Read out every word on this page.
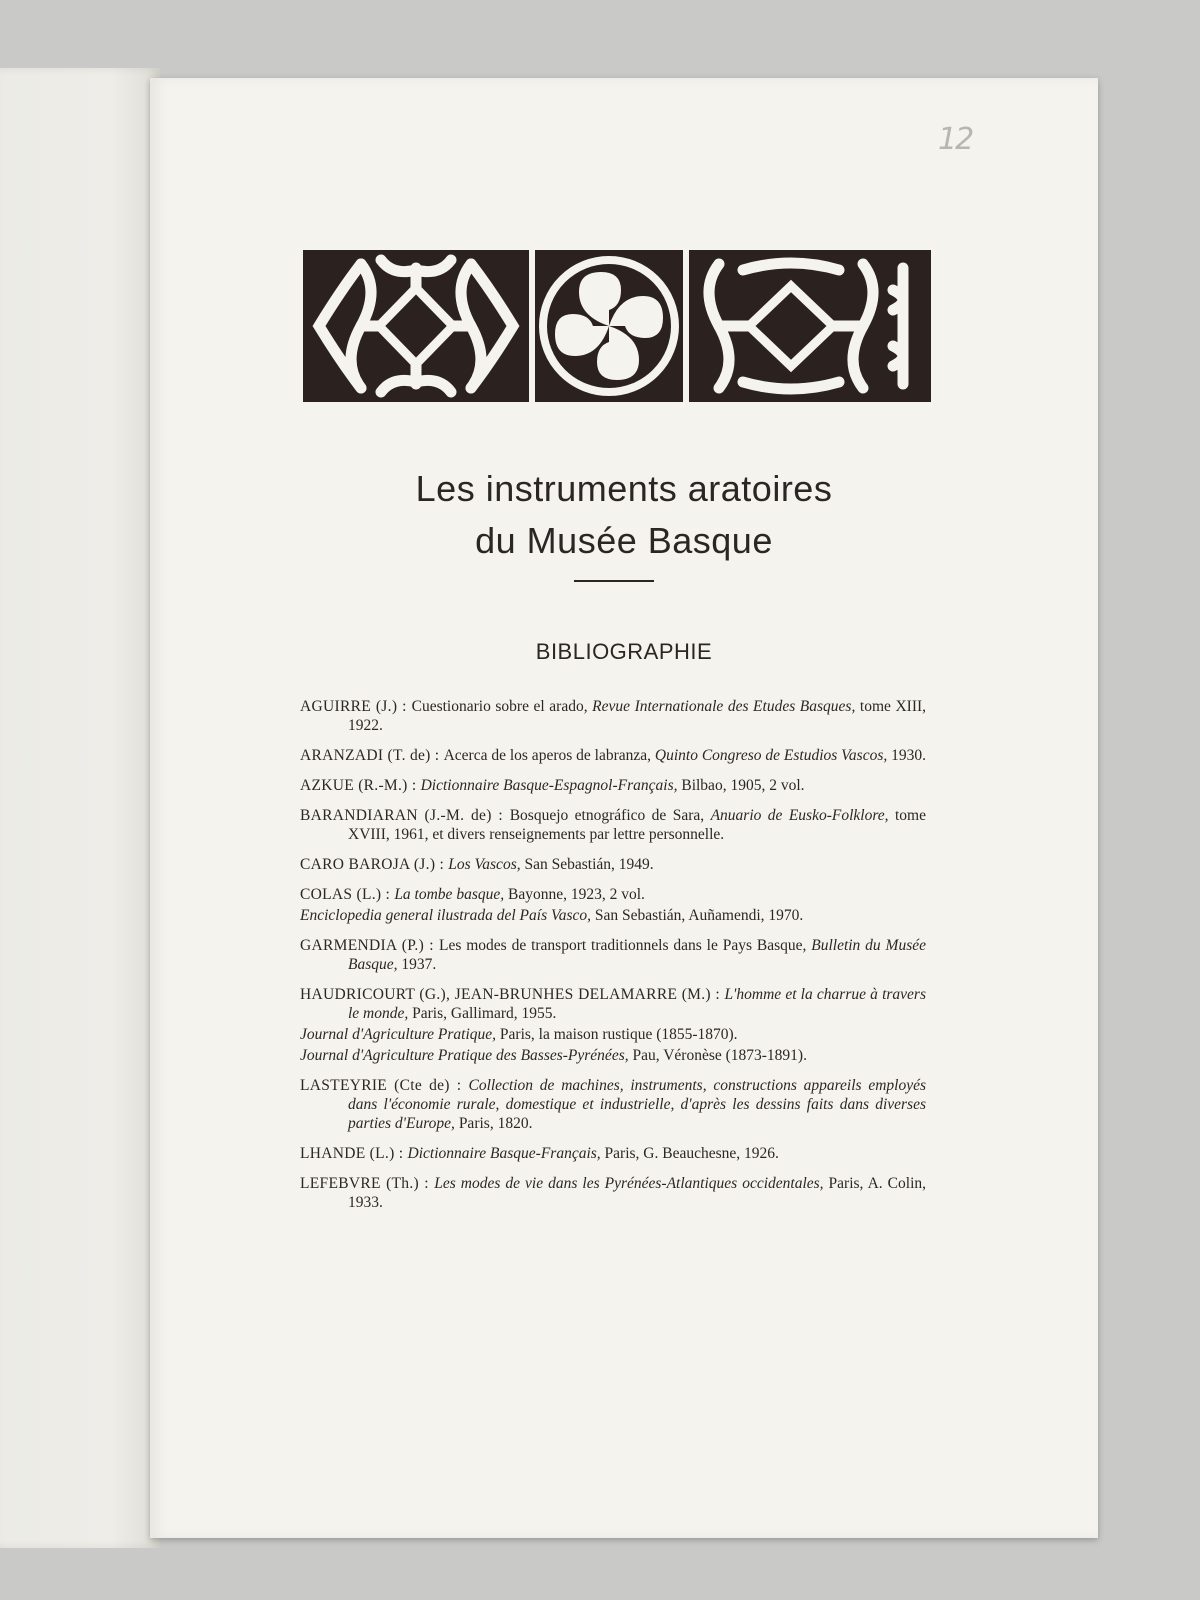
12
Les instruments aratoires
du Musée Basque
BIBLIOGRAPHIE
AGUIRRE (J.) : Cuestionario sobre el arado, Revue Internationale des Etudes Basques, tome XIII, 1922.
ARANZADI (T. de) : Acerca de los aperos de labranza, Quinto Congreso de Estudios Vascos, 1930.
AZKUE (R.-M.) : Dictionnaire Basque-Espagnol-Français, Bilbao, 1905, 2 vol.
BARANDIARAN (J.-M. de) : Bosquejo etnográfico de Sara, Anuario de Eusko-Folklore, tome XVIII, 1961, et divers renseignements par lettre personnelle.
CARO BAROJA (J.) : Los Vascos, San Sebastián, 1949.
COLAS (L.) : La tombe basque, Bayonne, 1923, 2 vol.
Enciclopedia general ilustrada del País Vasco, San Sebastián, Auñamendi, 1970.
GARMENDIA (P.) : Les modes de transport traditionnels dans le Pays Basque, Bulletin du Musée Basque, 1937.
HAUDRICOURT (G.), JEAN-BRUNHES DELAMARRE (M.) : L'homme et la charrue à travers le monde, Paris, Gallimard, 1955.
Journal d'Agriculture Pratique, Paris, la maison rustique (1855-1870).
Journal d'Agriculture Pratique des Basses-Pyrénées, Pau, Véronèse (1873-1891).
LASTEYRIE (Cte de) : Collection de machines, instruments, constructions appareils employés dans l'économie rurale, domestique et industrielle, d'après les dessins faits dans diverses parties d'Europe, Paris, 1820.
LHANDE (L.) : Dictionnaire Basque-Français, Paris, G. Beauchesne, 1926.
LEFEBVRE (Th.) : Les modes de vie dans les Pyrénées-Atlantiques occidentales, Paris, A. Colin, 1933.
